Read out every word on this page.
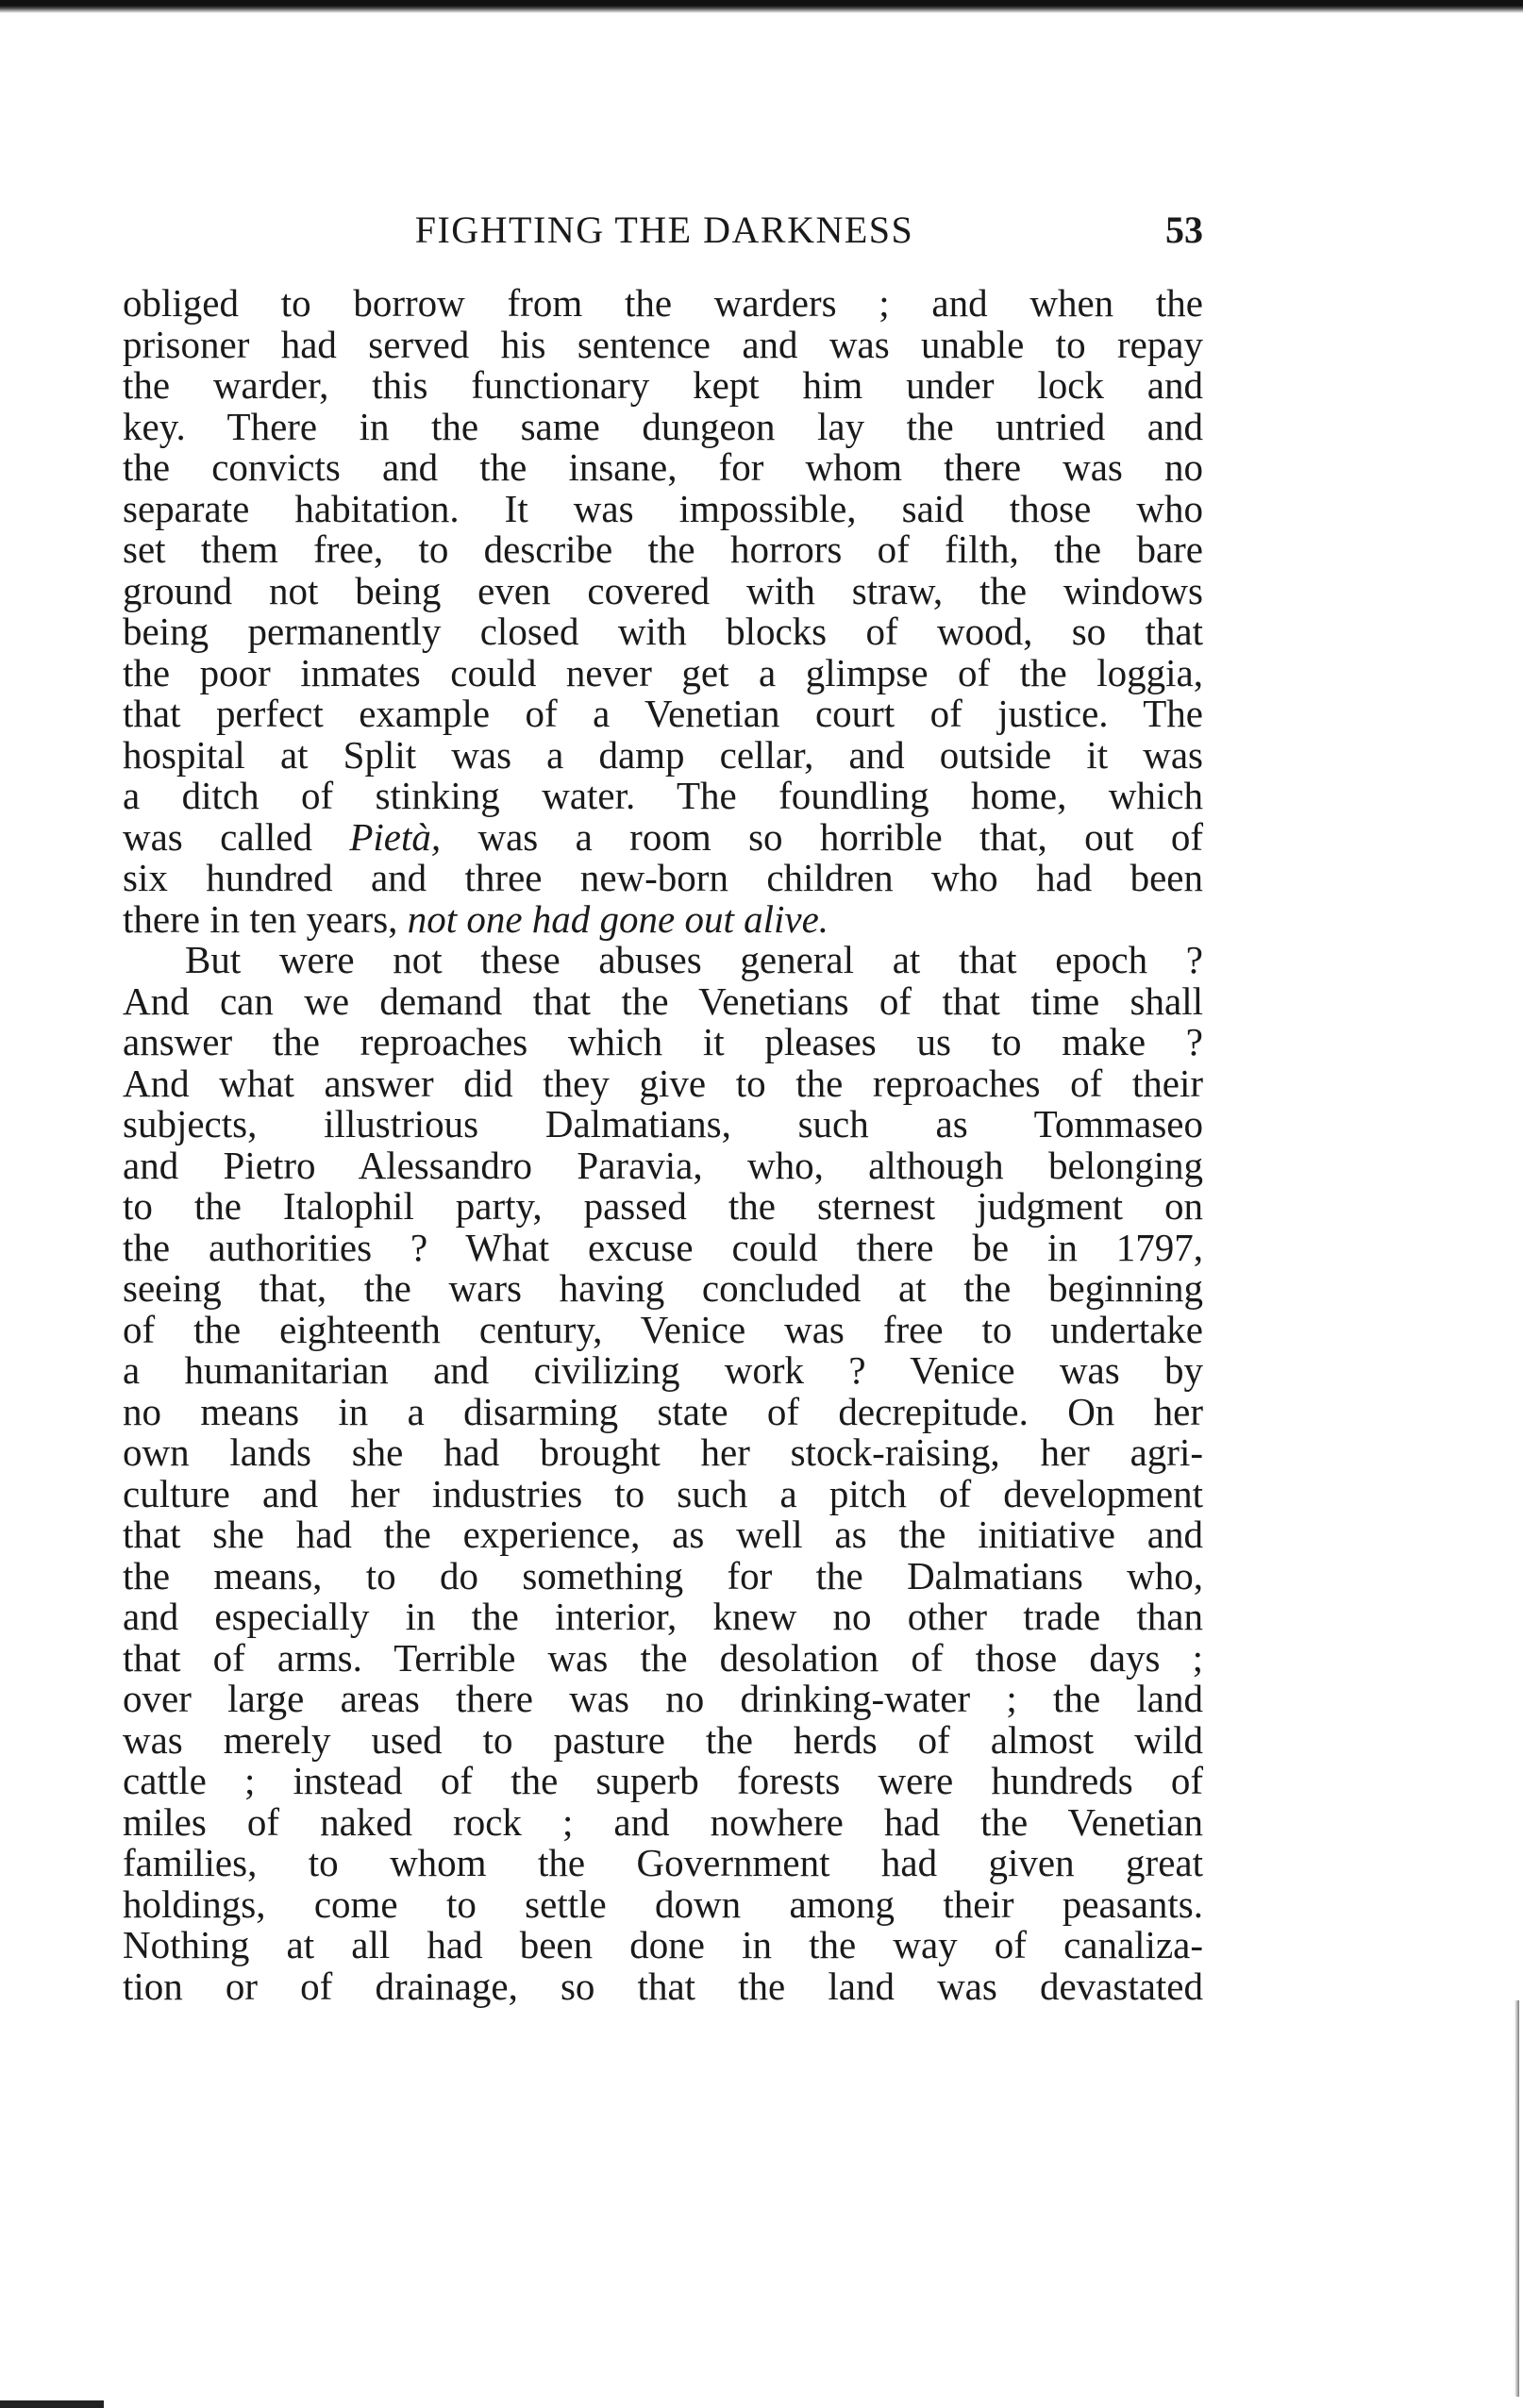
FIGHTING THE DARKNESS	53
obliged to borrow from the warders ; and when the
prisoner had served his sentence and was unable to repay
the warder, this functionary kept him under lock and
key. There in the same dungeon lay the untried and
the convicts and the insane, for whom there was no
separate habitation. It was impossible, said those who
set them free, to describe the horrors of filth, the bare
ground not being even covered with straw, the windows
being permanently closed with blocks of wood, so that
the poor inmates could never get a glimpse of the loggia,
that perfect example of a Venetian court of justice. The
hospital at Split was a damp cellar, and outside it was
a ditch of stinking water. The foundling home, which
was called Pietà, was a room so horrible that, out of
six hundred and three new-born children who had been
there in ten years, not one had gone out alive.
But were not these abuses general at that epoch ?
And can we demand that the Venetians of that time shall
answer the reproaches which it pleases us to make ?
And what answer did they give to the reproaches of their
subjects, illustrious Dalmatians, such as Tommaseo
and Pietro Alessandro Paravia, who, although belonging
to the Italophil party, passed the sternest judgment on
the authorities ? What excuse could there be in 1797,
seeing that, the wars having concluded at the beginning
of the eighteenth century, Venice was free to undertake
a humanitarian and civilizing work ? Venice was by
no means in a disarming state of decrepitude. On her
own lands she had brought her stock-raising, her agri-
culture and her industries to such a pitch of development
that she had the experience, as well as the initiative and
the means, to do something for the Dalmatians who,
and especially in the interior, knew no other trade than
that of arms. Terrible was the desolation of those days ;
over large areas there was no drinking-water ; the land
was merely used to pasture the herds of almost wild
cattle ; instead of the superb forests were hundreds of
miles of naked rock ; and nowhere had the Venetian
families, to whom the Government had given great
holdings, come to settle down among their peasants.
Nothing at all had been done in the way of canaliza-
tion or of drainage, so that the land was devastated
